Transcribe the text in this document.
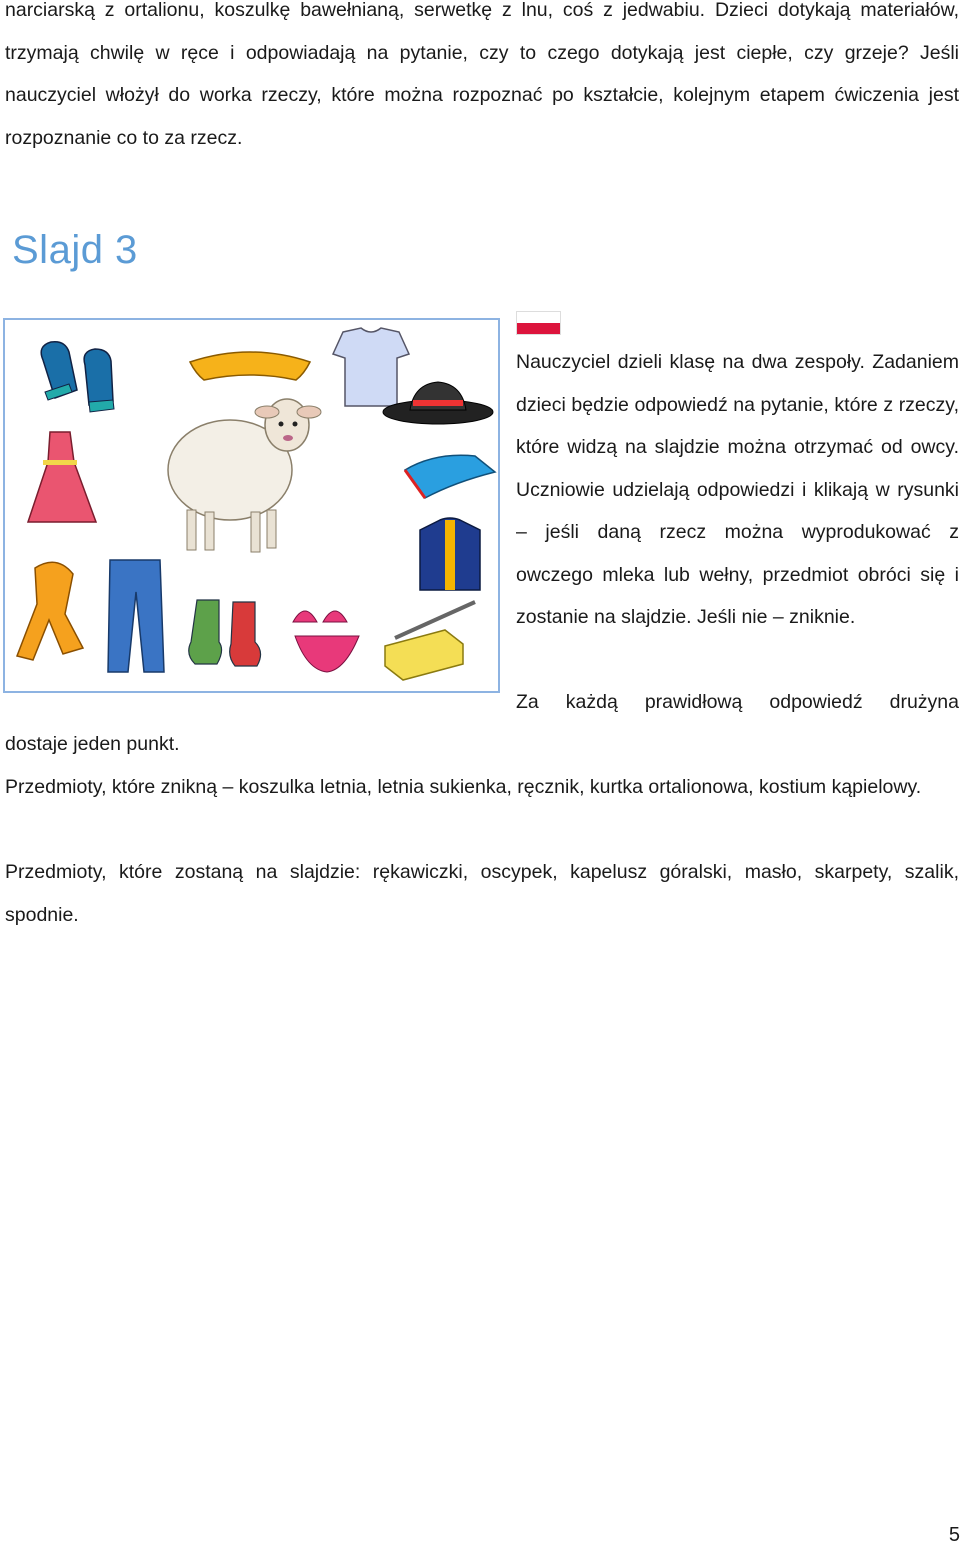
narciarską z ortalionu, koszulkę bawełnianą, serwetkę z lnu, coś z jedwabiu. Dzieci dotykają materiałów, trzymają chwilę w ręce i odpowiadają na pytanie, czy to czego dotykają jest ciepłe, czy grzeje? Jeśli nauczyciel włożył do worka rzeczy, które można rozpoznać po kształcie, kolejnym etapem ćwiczenia jest rozpoznanie co to za rzecz.

Slajd 3

Nauczyciel dzieli klasę na dwa zespoły. Zadaniem dzieci będzie odpowiedź na pytanie, które z rzeczy, które widzą na slajdzie można otrzymać od owcy. Uczniowie udzielają odpowiedzi i klikają w rysunki – jeśli daną rzecz można wyprodukować z owczego mleka lub wełny, przedmiot obróci się i zostanie na slajdzie. Jeśli nie – zniknie.

Za każdą prawidłową odpowiedź drużyna

dostaje jeden punkt.

Przedmioty, które znikną – koszulka letnia, letnia sukienka, ręcznik, kurtka ortalionowa, kostium kąpielowy.

Przedmioty, które zostaną na slajdzie: rękawiczki, oscypek, kapelusz góralski, masło, skarpety, szalik, spodnie.

5
